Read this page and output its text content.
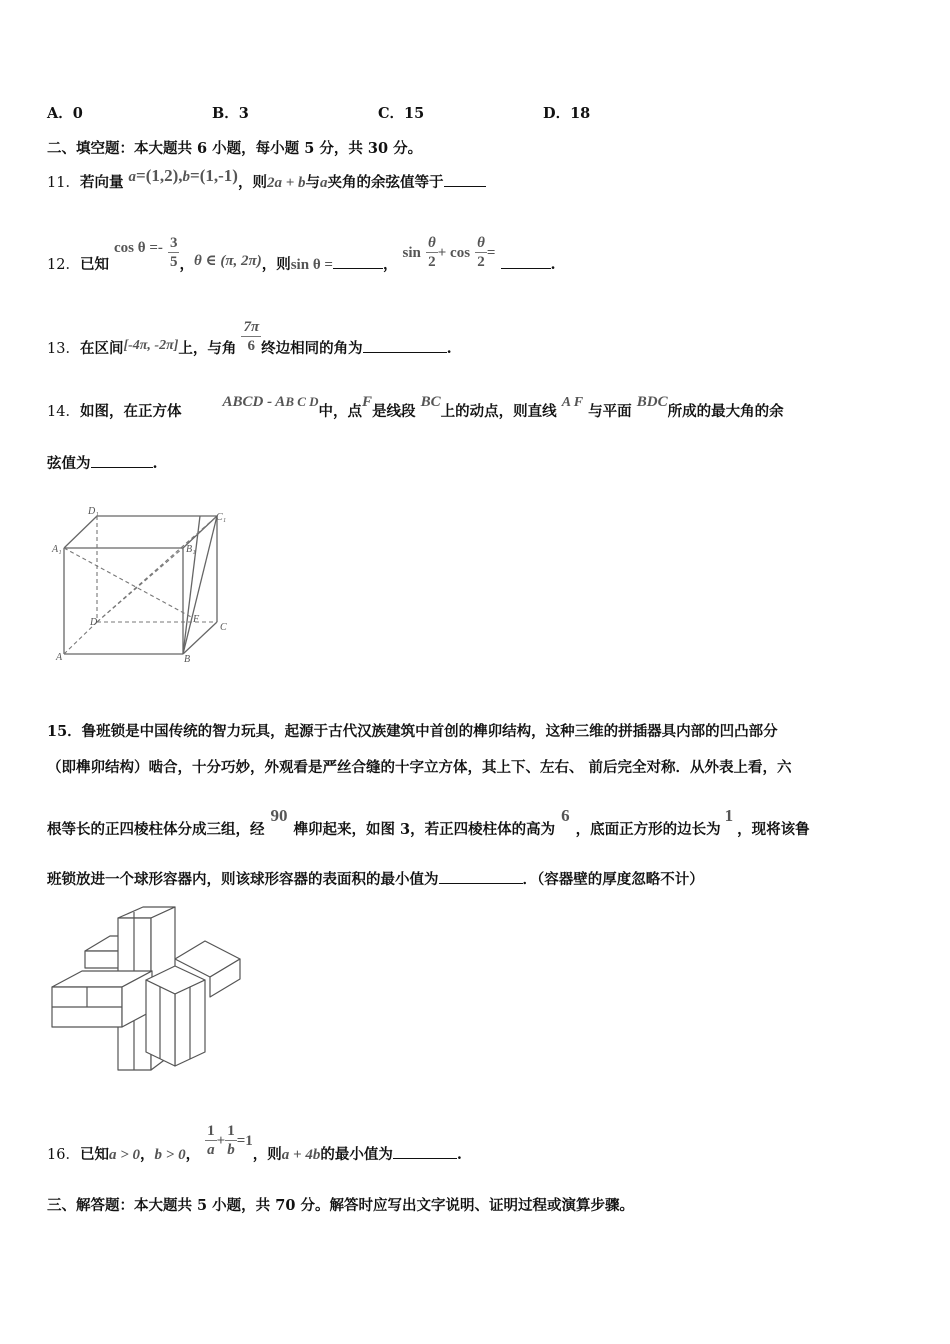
A．0	B．3	C．15	D．18
二、填空题：本大题共 6 小题，每小题 5 分，共 30 分。
11．若向量 a=(1,2),b=(1,-1)，则2a + b与a夹角的余弦值等于
12．已知 $\cos \theta =- \frac{3}{5}$ ，θ ∈ (π, 2π)，则sin θ =	， $\sin \frac{\theta}{2} + \cos \frac{\theta}{2}$ = .
13．在区间[-4π, -2π]上，与角 $\frac{7\pi}{6}$ 终边相同的角为	.
14．如图，在正方体 ABCD - AB C D中，点F是线段 BC上的动点，则直线 A F 与平面 BDC所成的最大角的余
弦值为	.
D₁
C₁
A₁	B₁
D	C
A	B
F
15．鲁班锁是中国传统的智力玩具，起源于古代汉族建筑中首创的榫卯结构，这种三维的拼插器具内部的凹凸部分
（即榫卯结构）啮合，十分巧妙，外观看是严丝合缝的十字立方体，其上下、左右、 前后完全对称．从外表上看，六
根等长的正四棱柱体分成三组，经90榫卯起来，如图 3，若正四棱柱体的高为6，底面正方形的边长为1，现将该鲁
班锁放进一个球形容器内，则该球形容器的表面积的最小值为	．（容器壁的厚度忽略不计）
16．已知a > 0，b > 0， $\frac{1}{a} + \frac{1}{b} =1$，则a + 4b的最小值为	.
三、解答题：本大题共 5 小题，共 70 分。解答时应写出文字说明、证明过程或演算步骤。
